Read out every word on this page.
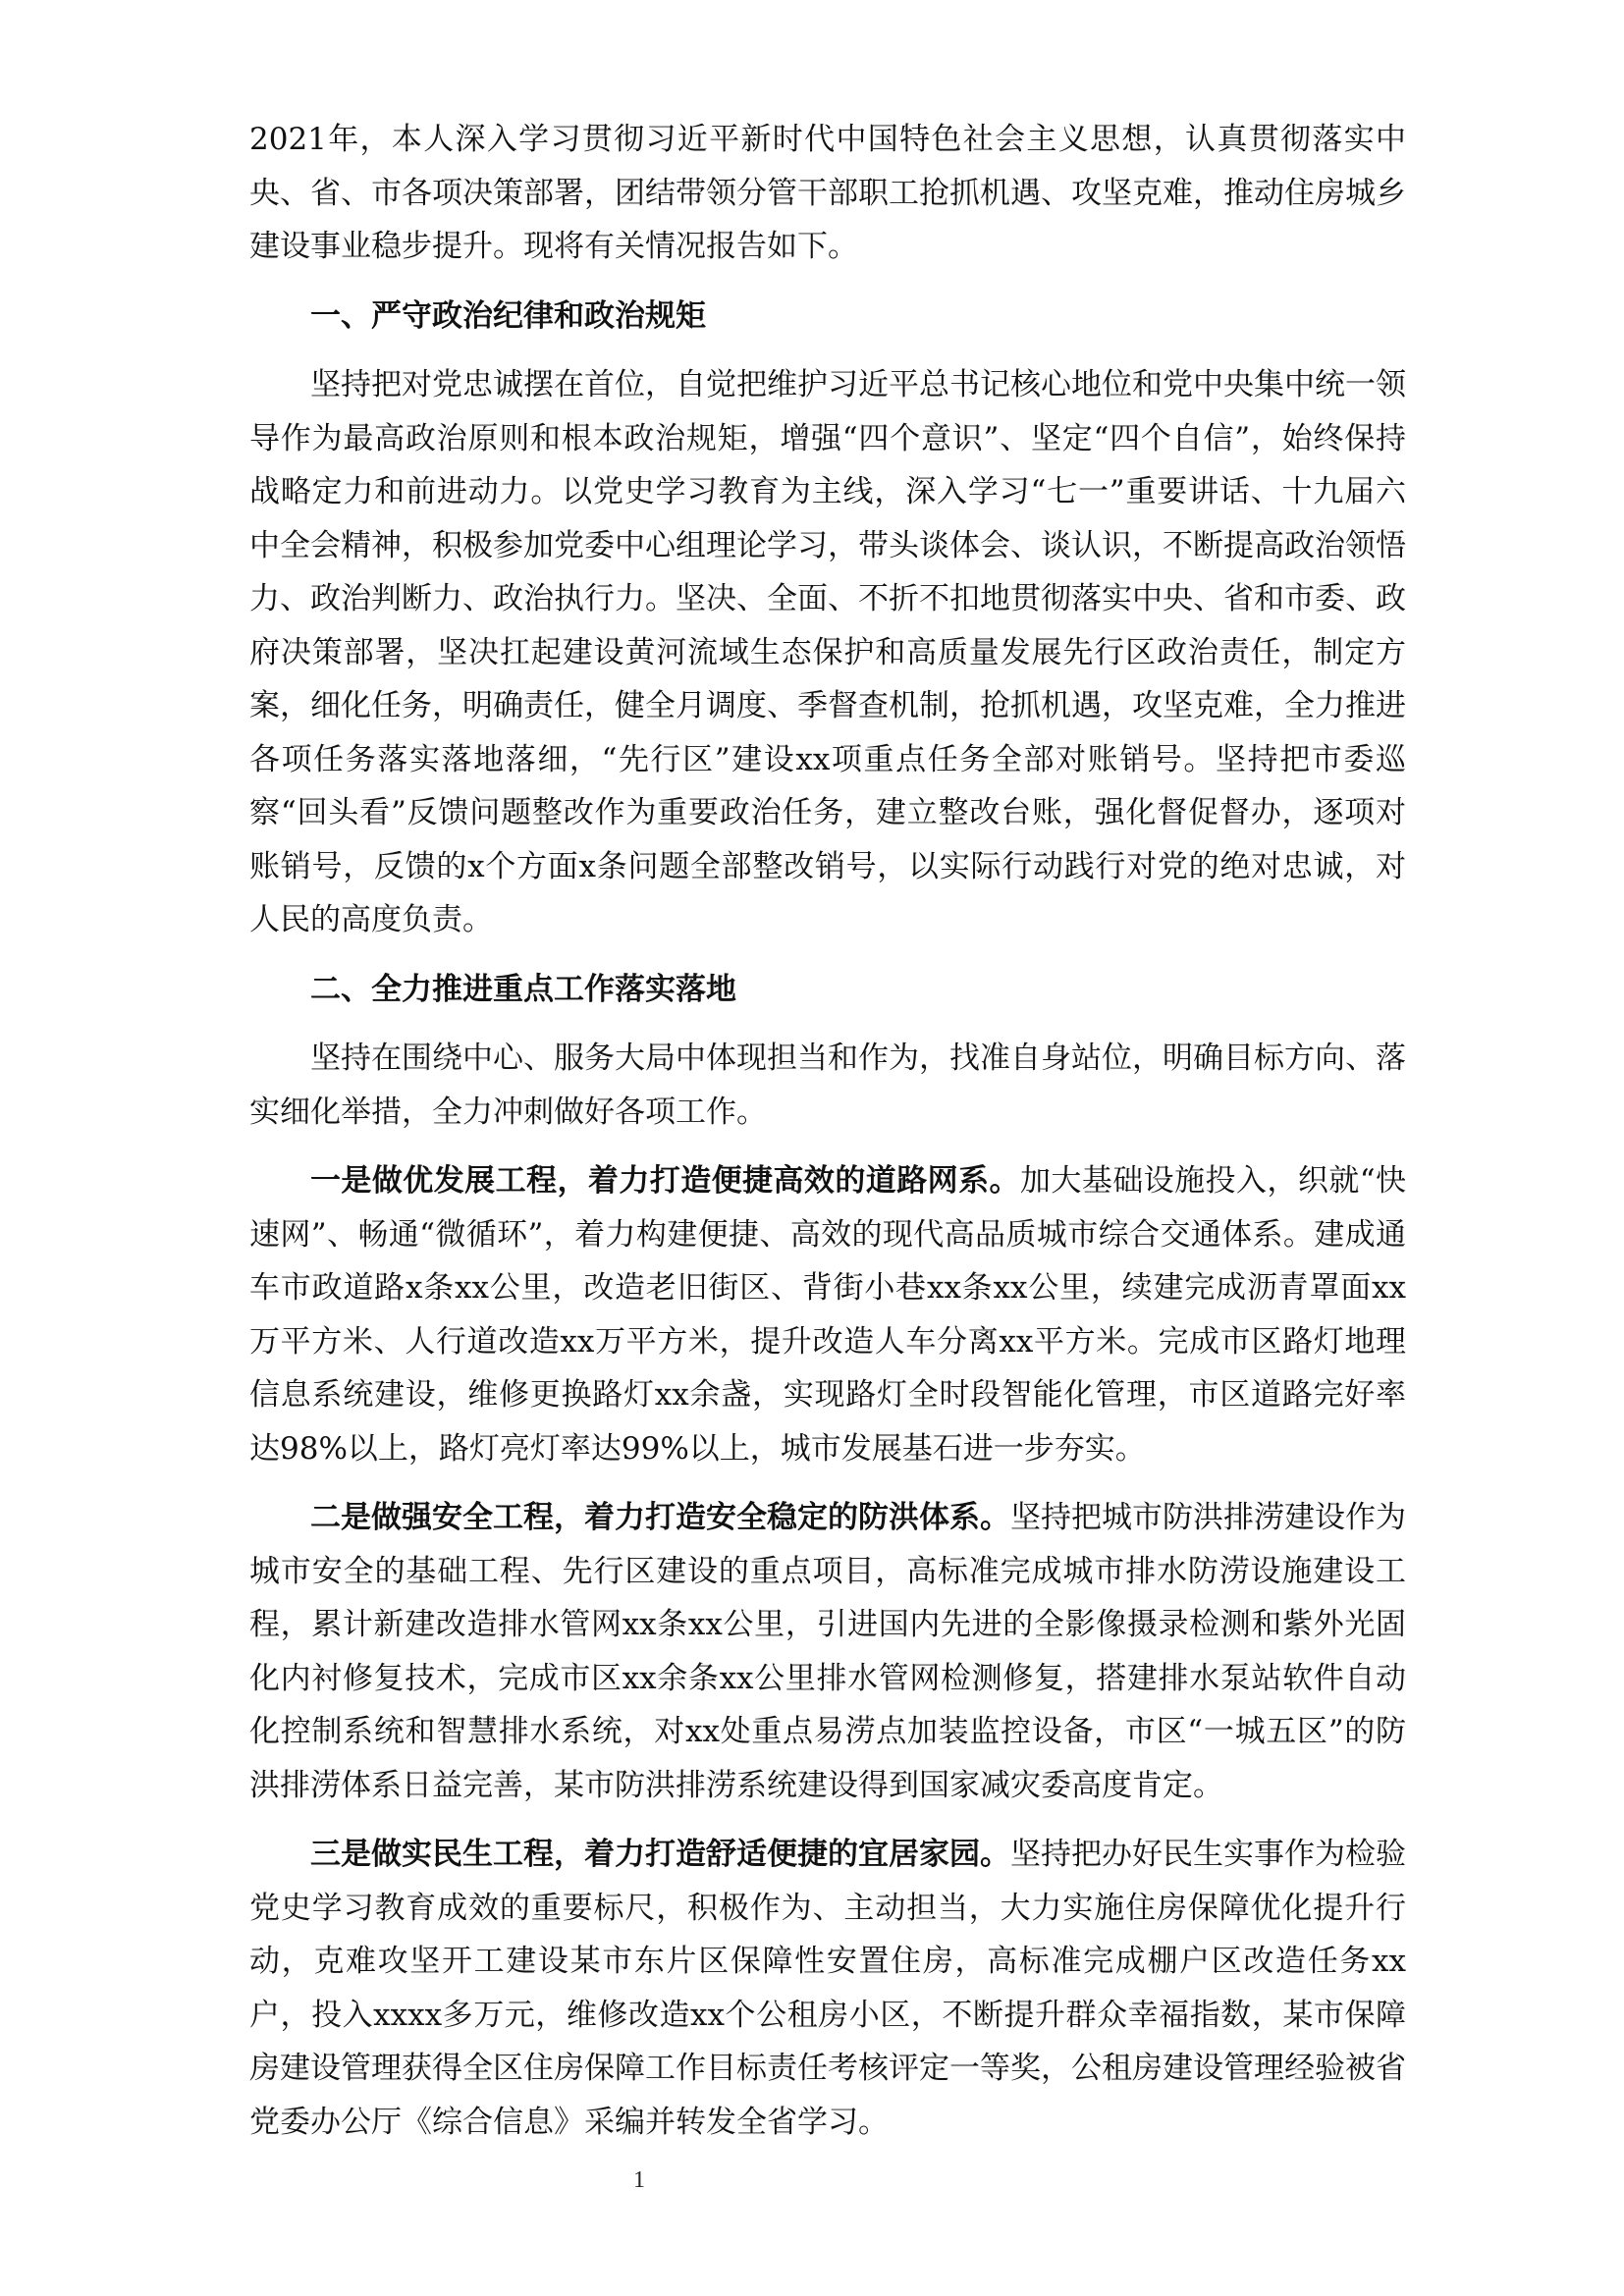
2021年，本人深入学习贯彻习近平新时代中国特色社会主义思想，认真贯彻落实中央、省、市各项决策部署，团结带领分管干部职工抢抓机遇、攻坚克难，推动住房城乡建设事业稳步提升。现将有关情况报告如下。

一、严守政治纪律和政治规矩

坚持把对党忠诚摆在首位，自觉把维护习近平总书记核心地位和党中央集中统一领导作为最高政治原则和根本政治规矩，增强“四个意识”、坚定“四个自信”，始终保持战略定力和前进动力。以党史学习教育为主线，深入学习“七一”重要讲话、十九届六中全会精神，积极参加党委中心组理论学习，带头谈体会、谈认识，不断提高政治领悟力、政治判断力、政治执行力。坚决、全面、不折不扣地贯彻落实中央、省和市委、政府决策部署，坚决扛起建设黄河流域生态保护和高质量发展先行区政治责任，制定方案，细化任务，明确责任，健全月调度、季督查机制，抢抓机遇，攻坚克难，全力推进各项任务落实落地落细，“先行区”建设xx项重点任务全部对账销号。坚持把市委巡察“回头看”反馈问题整改作为重要政治任务，建立整改台账，强化督促督办，逐项对账销号，反馈的x个方面x条问题全部整改销号，以实际行动践行对党的绝对忠诚，对人民的高度负责。

二、全力推进重点工作落实落地

坚持在围绕中心、服务大局中体现担当和作为，找准自身站位，明确目标方向、落实细化举措，全力冲刺做好各项工作。

一是做优发展工程，着力打造便捷高效的道路网系。加大基础设施投入，织就“快速网”、畅通“微循环”，着力构建便捷、高效的现代高品质城市综合交通体系。建成通车市政道路x条xx公里，改造老旧街区、背街小巷xx条xx公里，续建完成沥青罩面xx万平方米、人行道改造xx万平方米，提升改造人车分离xx平方米。完成市区路灯地理信息系统建设，维修更换路灯xx余盏，实现路灯全时段智能化管理，市区道路完好率达98%以上，路灯亮灯率达99%以上，城市发展基石进一步夯实。

二是做强安全工程，着力打造安全稳定的防洪体系。坚持把城市防洪排涝建设作为城市安全的基础工程、先行区建设的重点项目，高标准完成城市排水防涝设施建设工程，累计新建改造排水管网xx条xx公里，引进国内先进的全影像摄录检测和紫外光固化内衬修复技术，完成市区xx余条xx公里排水管网检测修复，搭建排水泵站软件自动化控制系统和智慧排水系统，对xx处重点易涝点加装监控设备，市区“一城五区”的防洪排涝体系日益完善，某市防洪排涝系统建设得到国家减灾委高度肯定。

三是做实民生工程，着力打造舒适便捷的宜居家园。坚持把办好民生实事作为检验党史学习教育成效的重要标尺，积极作为、主动担当，大力实施住房保障优化提升行动，克难攻坚开工建设某市东片区保障性安置住房，高标准完成棚户区改造任务xx户，投入xxxx多万元，维修改造xx个公租房小区，不断提升群众幸福指数，某市保障房建设管理获得全区住房保障工作目标责任考核评定一等奖，公租房建设管理经验被省党委办公厅《综合信息》采编并转发全省学习。

1
